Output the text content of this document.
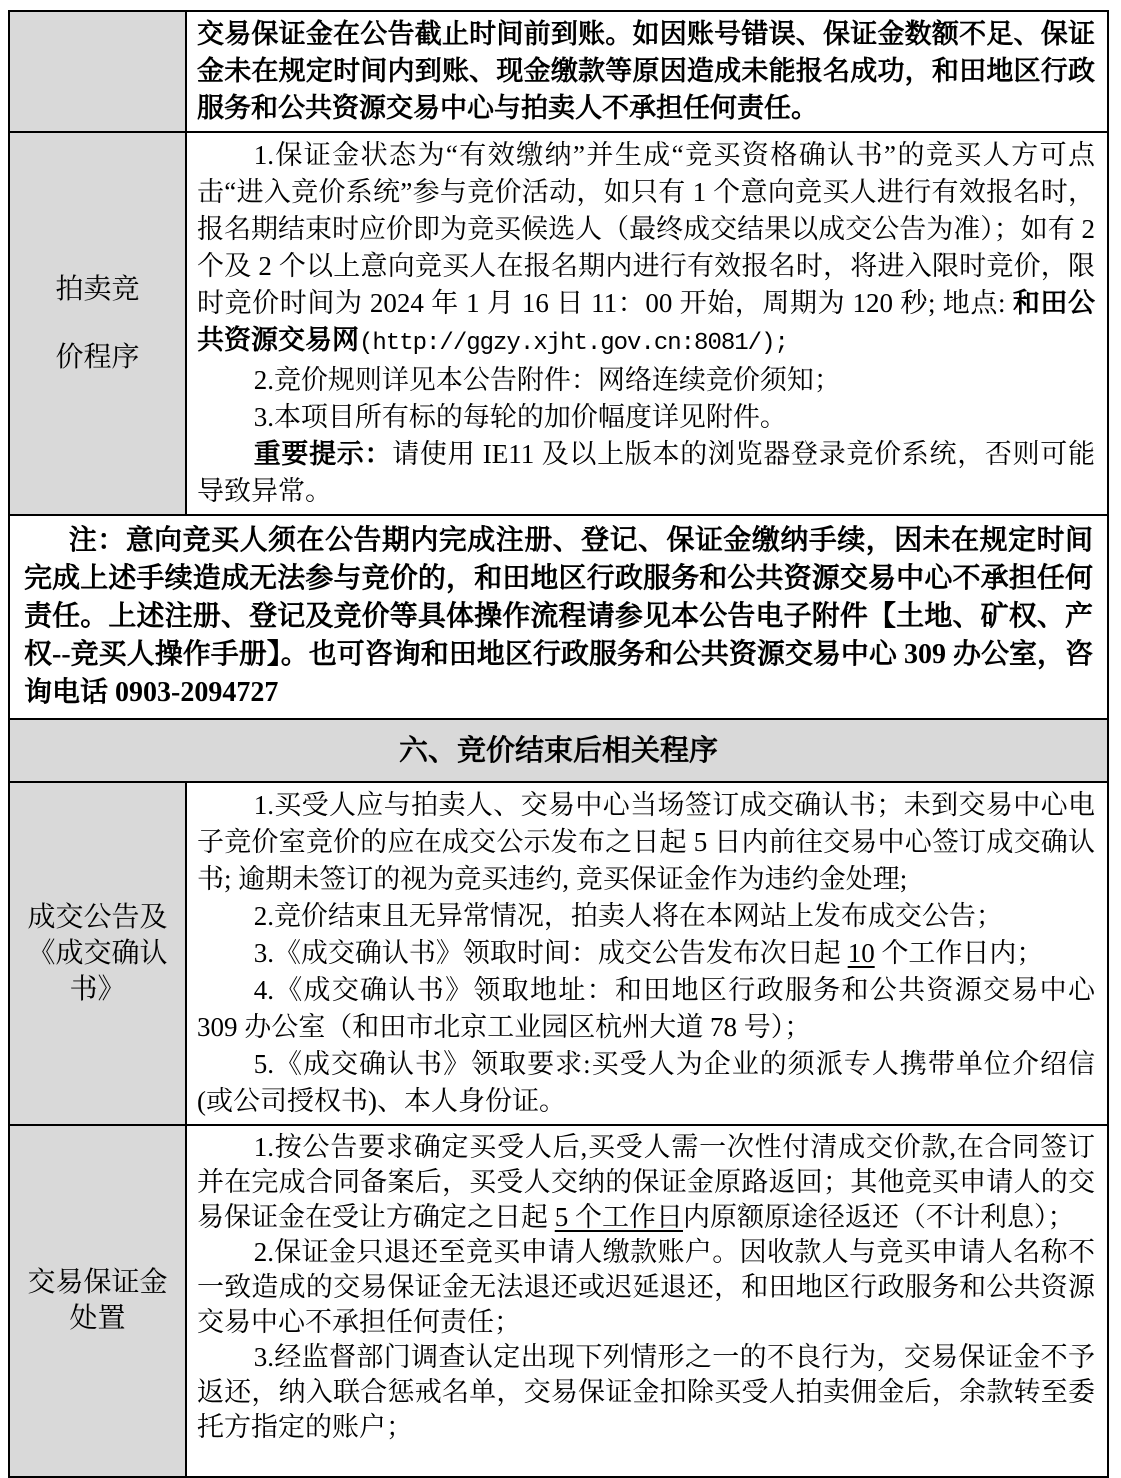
交易保证金在公告截止时间前到账。如因账号错误、保证金数额不足、保证金未在规定时间内到账、现金缴款等原因造成未能报名成功，和田地区行政服务和公共资源交易中心与拍卖人不承担任何责任。
拍卖竞
价程序
1.保证金状态为“有效缴纳”并生成“竞买资格确认书”的竞买人方可点击“进入竞价系统”参与竞价活动，如只有 1 个意向竞买人进行有效报名时，报名期结束时应价即为竞买候选人（最终成交结果以成交公告为准）；如有 2 个及 2 个以上意向竞买人在报名期内进行有效报名时，将进入限时竞价，限时竞价时间为 2024 年 1 月 16 日 11：00 开始，周期为 120 秒; 地点: 和田公共资源交易网(http://ggzy.xjht.gov.cn:8081/);
2.竞价规则详见本公告附件：网络连续竞价须知；
3.本项目所有标的每轮的加价幅度详见附件。
重要提示：请使用 IE11 及以上版本的浏览器登录竞价系统，否则可能导致异常。
注：意向竞买人须在公告期内完成注册、登记、保证金缴纳手续，因未在规定时间完成上述手续造成无法参与竞价的，和田地区行政服务和公共资源交易中心不承担任何责任。上述注册、登记及竞价等具体操作流程请参见本公告电子附件【土地、矿权、产权--竞买人操作手册】。也可咨询和田地区行政服务和公共资源交易中心 309 办公室，咨询电话 0903-2094727
六、竞价结束后相关程序
成交公告及
《成交确认
书》
1.买受人应与拍卖人、交易中心当场签订成交确认书；未到交易中心电子竞价室竞价的应在成交公示发布之日起 5 日内前往交易中心签订成交确认书; 逾期未签订的视为竞买违约, 竞买保证金作为违约金处理;
2.竞价结束且无异常情况，拍卖人将在本网站上发布成交公告；
3.《成交确认书》领取时间：成交公告发布次日起 10 个工作日内；
4.《成交确认书》领取地址：和田地区行政服务和公共资源交易中心 309 办公室（和田市北京工业园区杭州大道 78 号）；
5.《成交确认书》领取要求:买受人为企业的须派专人携带单位介绍信(或公司授权书)、本人身份证。
交易保证金
处置
1.按公告要求确定买受人后,买受人需一次性付清成交价款,在合同签订并在完成合同备案后，买受人交纳的保证金原路返回；其他竞买申请人的交易保证金在受让方确定之日起 5 个工作日内原额原途径返还（不计利息）；
2.保证金只退还至竞买申请人缴款账户。因收款人与竞买申请人名称不一致造成的交易保证金无法退还或迟延退还，和田地区行政服务和公共资源交易中心不承担任何责任；
3.经监督部门调查认定出现下列情形之一的不良行为，交易保证金不予返还，纳入联合惩戒名单，交易保证金扣除买受人拍卖佣金后，余款转至委托方指定的账户；
